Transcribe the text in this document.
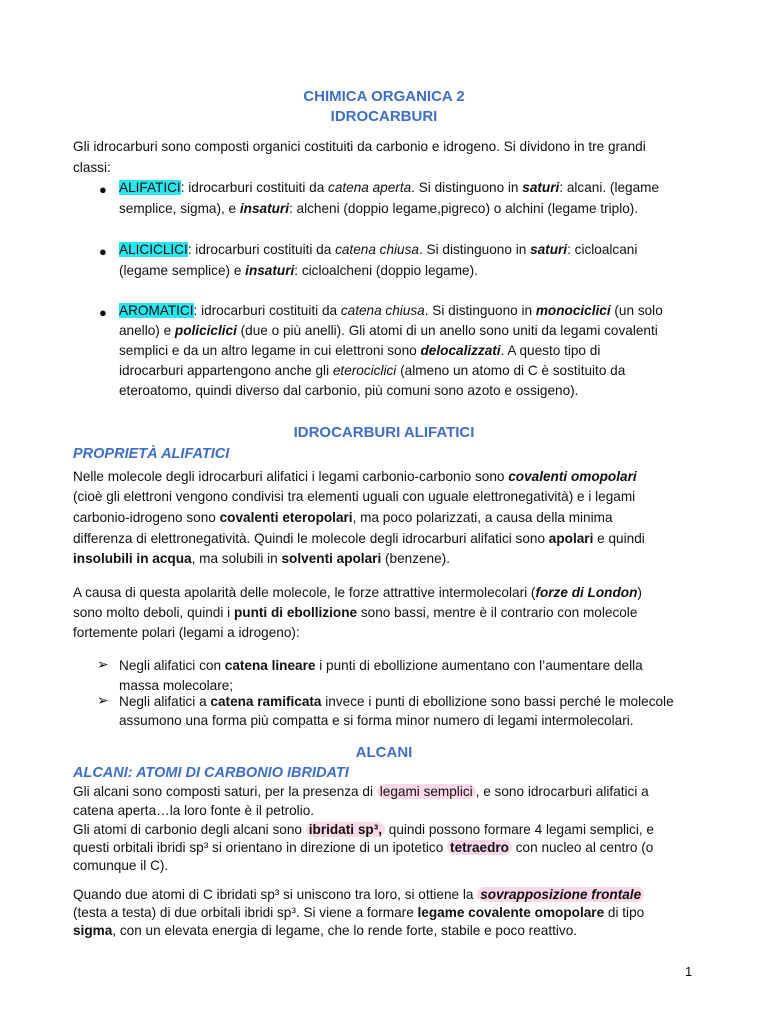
CHIMICA ORGANICA 2
IDROCARBURI
Gli idrocarburi sono composti organici costituiti da carbonio e idrogeno. Si dividono in tre grandi
classi:
● ALIFATICI: idrocarburi costituiti da catena aperta. Si distinguono in saturi: alcani. (legame
semplice, sigma), e insaturi: alcheni (doppio legame,pigreco) o alchini (legame triplo).
● ALICICLICI: idrocarburi costituiti da catena chiusa. Si distinguono in saturi: cicloalcani
(legame semplice) e insaturi: cicloalcheni (doppio legame).
● AROMATICI: idrocarburi costituiti da catena chiusa. Si distinguono in monociclici (un solo
anello) e policiclici (due o più anelli). Gli atomi di un anello sono uniti da legami covalenti
semplici e da un altro legame in cui elettroni sono delocalizzati. A questo tipo di
idrocarburi appartengono anche gli eterociclici (almeno un atomo di C è sostituito da
eteroatomo, quindi diverso dal carbonio, più comuni sono azoto e ossigeno).
IDROCARBURI ALIFATICI
PROPRIETÀ ALIFATICI
Nelle molecole degli idrocarburi alifatici i legami carbonio-carbonio sono covalenti omopolari
(cioè gli elettroni vengono condivisi tra elementi uguali con uguale elettronegatività) e i legami
carbonio-idrogeno sono covalenti eteropolari, ma poco polarizzati, a causa della minima
differenza di elettronegatività. Quindi le molecole degli idrocarburi alifatici sono apolari e quindi
insolubili in acqua, ma solubili in solventi apolari (benzene).
A causa di questa apolarità delle molecole, le forze attrattive intermolecolari (forze di London)
sono molto deboli, quindi i punti di ebollizione sono bassi, mentre è il contrario con molecole
fortemente polari (legami a idrogeno):
➢ Negli alifatici con catena lineare i punti di ebollizione aumentano con l’aumentare della
massa molecolare;
➢ Negli alifatici a catena ramificata invece i punti di ebollizione sono bassi perché le molecole
assumono una forma più compatta e si forma minor numero di legami intermolecolari.
ALCANI
ALCANI: ATOMI DI CARBONIO IBRIDATI
Gli alcani sono composti saturi, per la presenza di legami semplici , e sono idrocarburi alifatici a
catena aperta…la loro fonte è il petrolio.
Gli atomi di carbonio degli alcani sono ibridati sp³, quindi possono formare 4 legami semplici, e
questi orbitali ibridi sp³ si orientano in direzione di un ipotetico tetraedro con nucleo al centro (o
comunque il C).
Quando due atomi di C ibridati sp³ si uniscono tra loro, si ottiene la sovrapposizione frontale
(testa a testa) di due orbitali ibridi sp³. Si viene a formare legame covalente omopolare di tipo
sigma, con un elevata energia di legame, che lo rende forte, stabile e poco reattivo.
1
